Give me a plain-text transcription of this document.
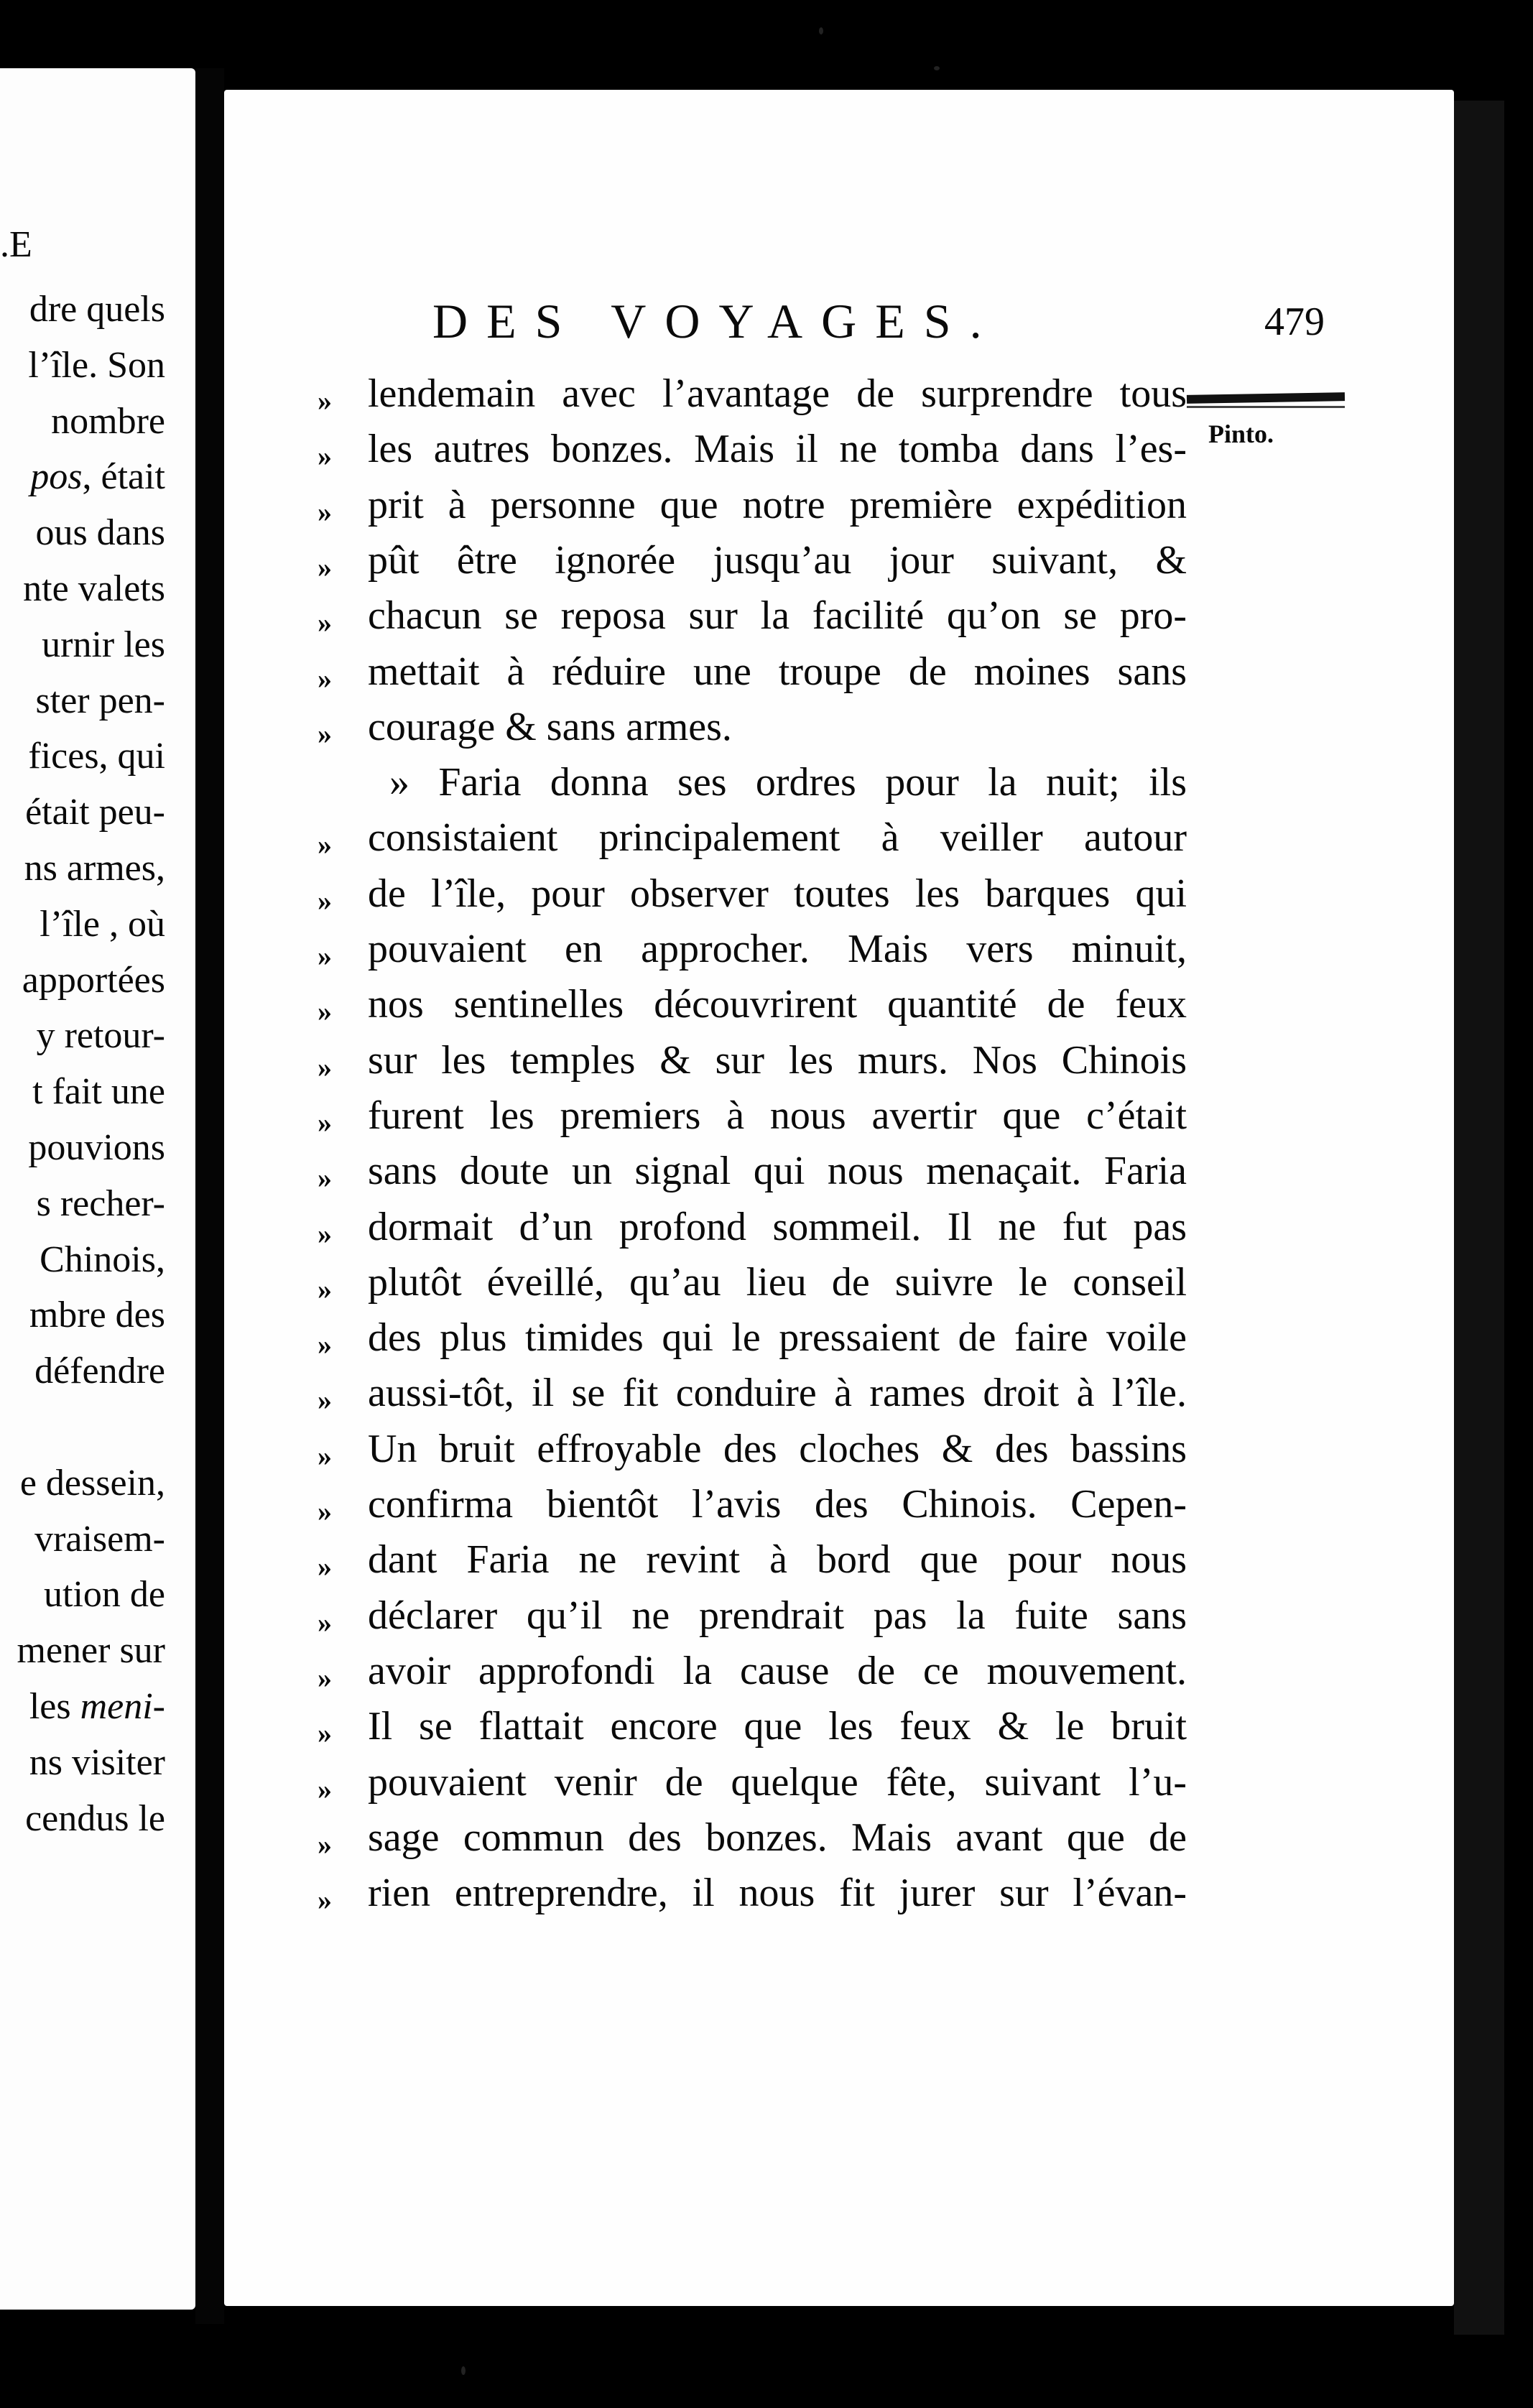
.E
dre quels
l’île. Son
nombre
pos, était
ous dans
nte valets
urnir les
ster pen-
fices, qui
était peu-
ns armes,
l’île , où
apportées
y retour-
t fait une
pouvions
s recher-
Chinois,
mbre des
défendre
e dessein,
vraisem-
ution de
mener sur
les meni-
ns visiter
cendus le
DES VOYAGES.	479
Pinto.
» lendemain avec l’avantage de surprendre tous
» les autres bonzes. Mais il ne tomba dans l’es-
» prit à personne que notre première expédition
» pût être ignorée jusqu’au jour suivant, &
» chacun se reposa sur la facilité qu’on se pro-
» mettait à réduire une troupe de moines sans
» courage & sans armes.
» Faria donna ses ordres pour la nuit; ils
» consistaient principalement à veiller autour
» de l’île, pour observer toutes les barques qui
» pouvaient en approcher. Mais vers minuit,
» nos sentinelles découvrirent quantité de feux
» sur les temples & sur les murs. Nos Chinois
» furent les premiers à nous avertir que c’était
» sans doute un signal qui nous menaçait. Faria
» dormait d’un profond sommeil. Il ne fut pas
» plutôt éveillé, qu’au lieu de suivre le conseil
» des plus timides qui le pressaient de faire voile
» aussi-tôt, il se fit conduire à rames droit à l’île.
» Un bruit effroyable des cloches & des bassins
» confirma bientôt l’avis des Chinois. Cepen-
» dant Faria ne revint à bord que pour nous
» déclarer qu’il ne prendrait pas la fuite sans
» avoir approfondi la cause de ce mouvement.
» Il se flattait encore que les feux & le bruit
» pouvaient venir de quelque fête, suivant l’u-
» sage commun des bonzes. Mais avant que de
» rien entreprendre, il nous fit jurer sur l’évan-
